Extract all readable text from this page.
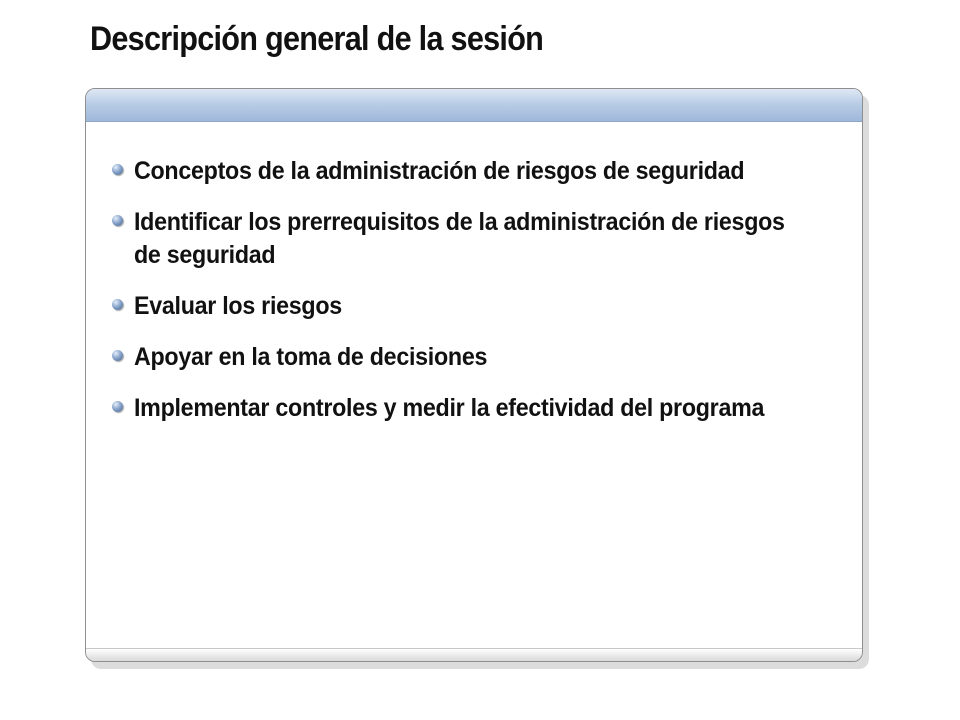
Descripción general de la sesión
Conceptos de la administración de riesgos de seguridad
Identificar los prerrequisitos de la administración de riesgos de seguridad
Evaluar los riesgos
Apoyar en la toma de decisiones
Implementar controles y medir la efectividad del programa
